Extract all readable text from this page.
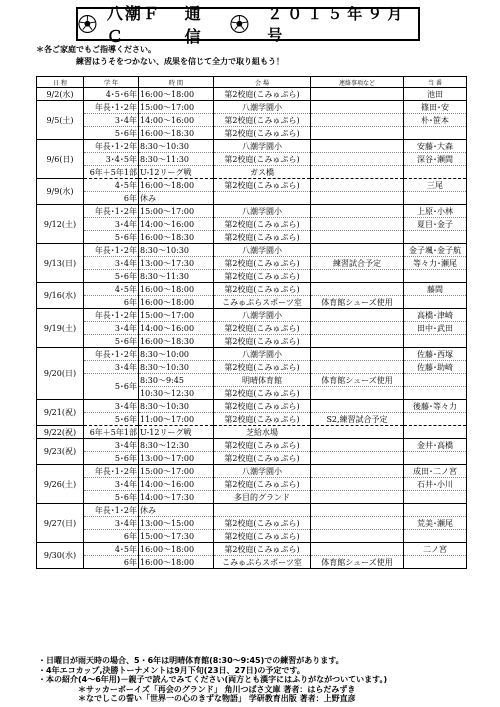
八潮ＦＣ
通信
２０１５年９月号
＊各ご家庭でもご指導ください。
練習はうそをつかない、成果を信じて全力で取り組もう！
日 程	学 年	時 間	会 場	連絡事項など	当 番
9/2(水)	4･5･6年	16:00～18:00	第2校庭(こみゅぷら)		池田
9/5(土)	年長･1･2年	15:00～17:00	八潮学園小		篠田･安
	3･4年	14:00～16:00	第2校庭(こみゅぷら)		朴･笹本
	5･6年	16:00～18:30	第2校庭(こみゅぷら)		
9/6(日)	年長･1･2年	8:30～10:30	八潮学園小		安藤･大森
	3･4･5年	8:30～11:30	第2校庭(こみゅぷら)		深谷･瀬間
	6年＋5年1部	U-12リーグ戦	ガス橋		
9/9(水)	4･5年	16:00～18:00	第2校庭(こみゅぷら)		三尾
	6年	休み			
9/12(土)	年長･1･2年	15:00～17:00	八潮学園小		上原･小林
	3･4年	14:00～16:00	第2校庭(こみゅぷら)		夏目･金子
	5･6年	16:00～18:30	第2校庭(こみゅぷら)		
9/13(日)	年長･1･2年	8:30～10:30	八潮学園小		金子颯･金子航
	3･4年	13:00～17:30	第2校庭(こみゅぷら)	練習試合予定	等々力･瀬尾
	5･6年	8:30～11:30	第2校庭(こみゅぷら)		
9/16(水)	4･5年	16:00～18:00	第2校庭(こみゅぷら)		藤間
	6年	16:00～18:00	こみゅぷらスポーツ室	体育館シューズ使用	
9/19(土)	年長･1･2年	15:00～17:00	八潮学園小		高橋･津崎
	3･4年	14:00～16:00	第2校庭(こみゅぷら)		田中･武田
	5･6年	16:00～18:30	第2校庭(こみゅぷら)		
9/20(日)	年長･1･2年	8:30～10:00	八潮学園小		佐藤･西塚
	3･4年	8:30～10:30	第2校庭(こみゅぷら)		佐藤･助崎
	5･6年	8:30～9:45	明晴体育館	体育館シューズ使用	
		10:30～12:30	第2校庭(こみゅぷら)		
9/21(祝)	3･4年	8:30～10:30	第2校庭(こみゅぷら)		後藤･等々力
	5･6年	11:00～17:00	第2校庭(こみゅぷら)	S2,練習試合予定	
9/22(祝)	6年＋5年1部	U-12リーグ戦	芝給水場		
9/23(祝)	3･4年	8:30～12:30	第2校庭(こみゅぷら)		金井･高橋
	5･6年	13:00～17:00	第2校庭(こみゅぷら)		
9/26(土)	年長･1･2年	15:00～17:00	八潮学園小		成田･二ノ宮
	3･4年	14:00～16:00	第2校庭(こみゅぷら)		石井･小川
	5･6年	14:00～17:30	多目的グランド		
9/27(日)	年長･1･2年	休み			
	3･4年	13:00～15:00	第2校庭(こみゅぷら)		荒美･瀬尾
	6年	15:00～17:30	第2校庭(こみゅぷら)		
9/30(水)	4･5年	16:00～18:00	第2校庭(こみゅぷら)		二ノ宮
	6年	16:00～18:00	こみゅぷらスポーツ室	体育館シューズ使用	
・日曜日が雨天時の場合、5・6年は明晴体育館(8:30～9:45)での練習があります。
・4年エコカップ,決勝トーナメントは9月下旬(23日、27日)の予定です。
・本の紹介(4～6年用)－親子で読んでみてください(両方とも漢字にはふりがながついています。)
＊サッカーボーイズ「再会のグランド」 角川つばさ文庫 著者：はらだみずき
＊なでしこの誓い「世界一の心のきずな物語」 学研教育出版 著者：上野直彦
